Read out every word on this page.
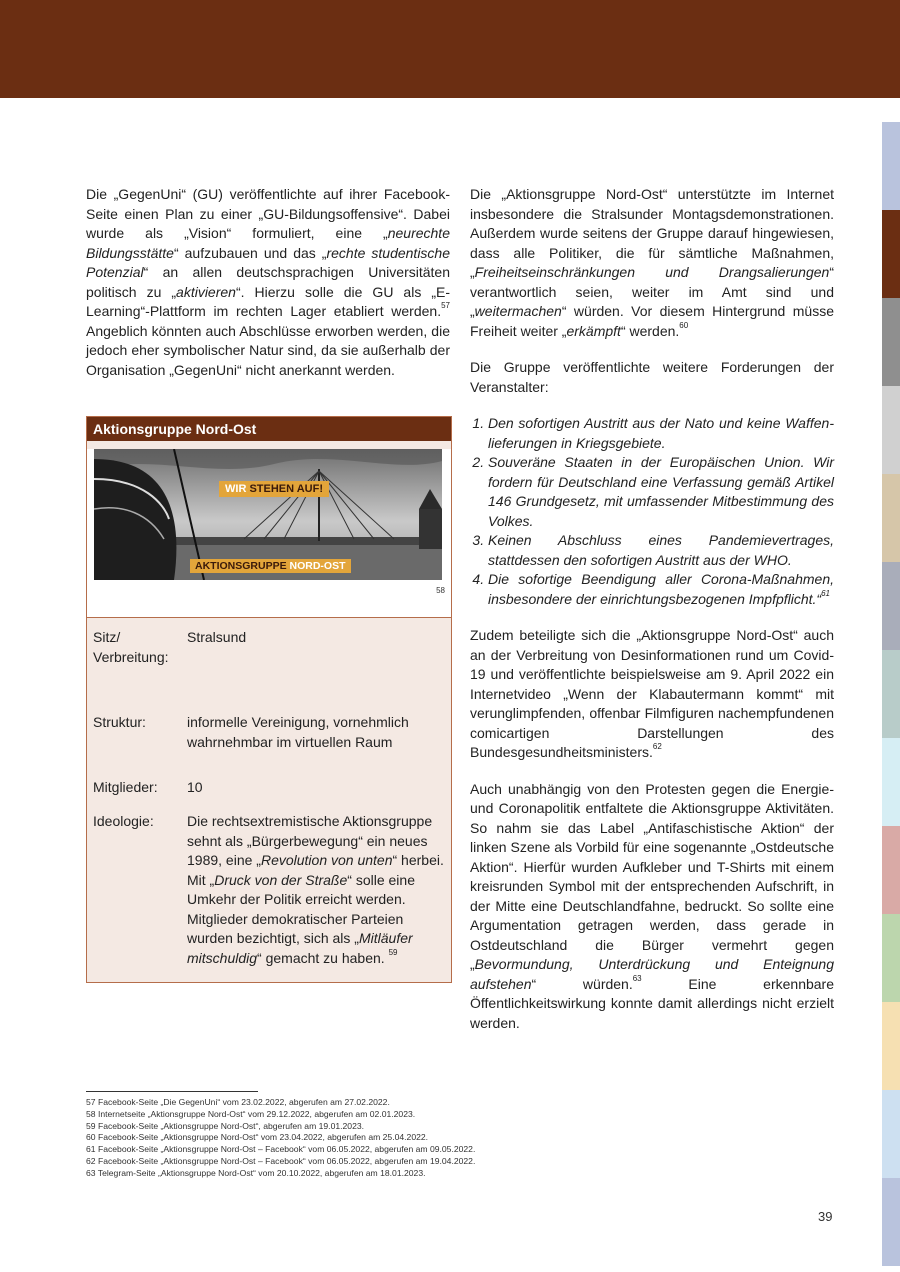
Die „GegenUni“ (GU) veröffentlichte auf ihrer Facebook-Seite einen Plan zu einer „GU-Bildungsoffensive“. Dabei wurde als „Vision“ formuliert, eine „neurechte Bildungsstätte“ aufzubauen und das „rechte studentische Potenzial“ an allen deutschsprachigen Universitäten politisch zu „aktivieren“. Hierzu solle die GU als „E-Learning“-Plattform im rechten Lager etabliert werden.$^{57}$ Angeblich könnten auch Abschlüsse erworben werden, die jedoch eher symbolischer Natur sind, da sie außerhalb der Organisation „GegenUni“ nicht anerkannt werden.

Aktionsgruppe Nord-Ost
WIR STEHEN AUF!
AKTIONSGRUPPE NORD-OST

58

Sitz/ Verbreitung:
Stralsund
Struktur:	informelle Vereinigung, vornehmlich wahrnehmbar im virtuellen Raum
Mitglieder:	10
Ideologie:	Die rechtsextremistische Aktionsgruppe sehnt als „Bürgerbewegung“ ein neues 1989, eine „Revolution von unten“ herbei. Mit „Druck von der Straße“ solle eine Umkehr der Politik erreicht werden. Mitglieder demokratischer Parteien wurden bezichtigt, sich als „Mitläufer mitschuldig“ gemacht zu haben. $^{59}$

Die „Aktionsgruppe Nord-Ost“ unterstützte im Internet insbesondere die Stralsunder Montagsdemonstrationen. Außerdem wurde seitens der Gruppe darauf hingewiesen, dass alle Politiker, die für sämtliche Maßnahmen, „Freiheitseinschränkungen und Drangsalierungen“ verantwortlich seien, weiter im Amt sind und „weitermachen“ würden. Vor diesem Hintergrund müsse Freiheit weiter „erkämpft“ werden.$^{60}$

Die Gruppe veröffentlichte weitere Forderungen der Veranstalter:

1. Den sofortigen Austritt aus der Nato und keine Waffenlieferungen in Kriegsgebiete.
2. Souveräne Staaten in der Europäischen Union. Wir fordern für Deutschland eine Verfassung gemäß Artikel 146 Grundgesetz, mit umfassender Mitbestimmung des Volkes.
3. Keinen Abschluss eines Pandemievertrages, stattdessen den sofortigen Austritt aus der WHO.
4. Die sofortige Beendigung aller Corona-Maßnahmen, insbesondere der einrichtungsbezogenen Impfpflicht.“$^{61}$

Zudem beteiligte sich die „Aktionsgruppe Nord-Ost“ auch an der Verbreitung von Desinformationen rund um Covid-19 und veröffentlichte beispielsweise am 9. April 2022 ein Internetvideo „Wenn der Klabautermann kommt“ mit verunglimpfenden, offenbar Filmfiguren nachempfundenen comicartigen Darstellungen des Bundesgesundheitsministers.$^{62}$

Auch unabhängig von den Protesten gegen die Energie- und Coronapolitik entfaltete die Aktionsgruppe Aktivitäten. So nahm sie das Label „Antifaschistische Aktion“ der linken Szene als Vorbild für eine sogenannte „Ostdeutsche Aktion“. Hierfür wurden Aufkleber und T-Shirts mit einem kreisrunden Symbol mit der entsprechenden Aufschrift, in der Mitte eine Deutschlandfahne, bedruckt. So sollte eine Argumentation getragen werden, dass gerade in Ostdeutschland die Bürger vermehrt gegen „Bevormundung, Unterdrückung und Enteignung aufstehen“ würden.$^{63}$ Eine erkennbare Öffentlichkeitswirkung konnte damit allerdings nicht erzielt werden.

57 Facebook-Seite „Die GegenUni“ vom 23.02.2022, abgerufen am 27.02.2022.
58 Internetseite „Aktionsgruppe Nord-Ost“ vom 29.12.2022, abgerufen am 02.01.2023.
59 Facebook-Seite „Aktionsgruppe Nord-Ost“, abgerufen am 19.01.2023.
60 Facebook-Seite „Aktionsgruppe Nord-Ost“ vom 23.04.2022, abgerufen am 25.04.2022.
61 Facebook-Seite „Aktionsgruppe Nord-Ost – Facebook“ vom 06.05.2022, abgerufen am 09.05.2022.
62 Facebook-Seite „Aktionsgruppe Nord-Ost – Facebook“ vom 06.05.2022, abgerufen am 19.04.2022.
63 Telegram-Seite „Aktionsgruppe Nord-Ost“ vom 20.10.2022, abgerufen am 18.01.2023.
39
